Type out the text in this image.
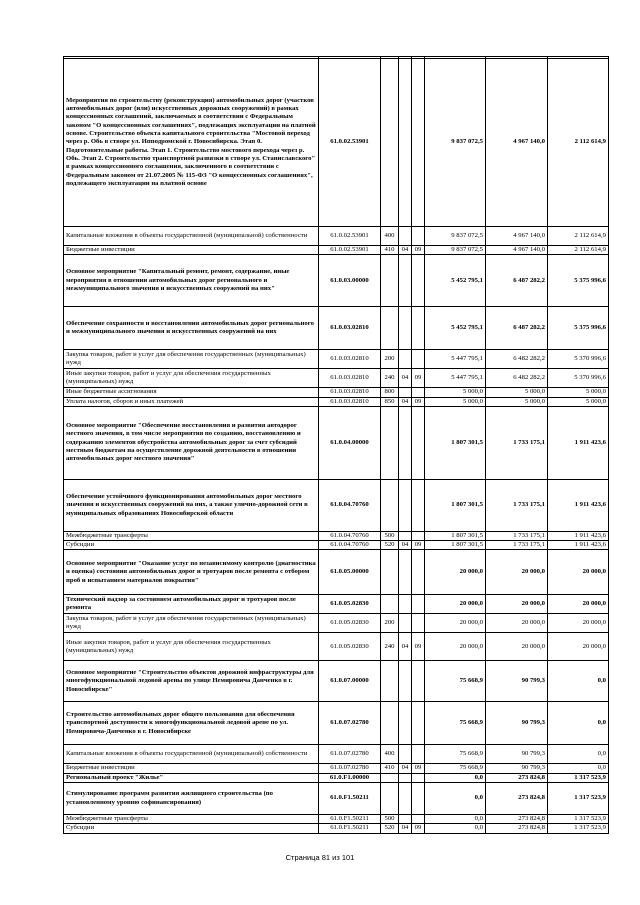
Мероприятия по строительству (реконструкция) автомобильных дорог (участков автомобильных дорог (или) искусственных дорожных сооружений) в рамках концессионных соглашений, заключаемых в соответствии с Федеральным законом "О концессионных соглашениях", подлежащих эксплуатации на платной основе. Строительство объекта капитального строительства "Мостовой переход через р. Обь в створе ул. Ипподромской г. Новосибирска. Этап 0. Подготовительные работы. Этап 1. Строительство мостового перехода через р. Обь. Этап 2. Строительство транспортной развязки в створе ул. Станиславского" в рамках концессионного соглашения, заключенного в соответствии с Федеральным законом от 21.07.2005 № 115-ФЗ "О концессионных соглашениях", подлежащего эксплуатации на платной основе	61.0.02.53901				9 837 072,5	4 967 140,0	2 112 614,9
Капитальные вложения в объекты государственной (муниципальной) собственности	61.0.02.53901	400			9 837 072,5	4 967 140,0	2 112 614,9
Бюджетные инвестиции	61.0.02.53901	410	04	09	9 837 072,5	4 967 140,0	2 112 614,9
Основное мероприятие "Капитальный ремонт, ремонт, содержание, иные мероприятия в отношении автомобильных дорог регионального и межмуниципального значения и искусственных сооружений на них"	61.0.03.00000				5 452 795,1	6 487 282,2	5 375 996,6
Обеспечение сохранности и восстановления автомобильных дорог регионального и межмуниципального значения и искусственных сооружений на них	61.0.03.02810				5 452 795,1	6 487 282,2	5 375 996,6
Закупка товаров, работ и услуг для обеспечения государственных (муниципальных) нужд	61.0.03.02810	200			5 447 795,1	6 482 282,2	5 370 996,6
Иные закупки товаров, работ и услуг для обеспечения государственных (муниципальных) нужд	61.0.03.02810	240	04	09	5 447 795,1	6 482 282,2	5 370 996,6
Иные бюджетные ассигнования	61.0.03.02810	800			5 000,0	5 000,0	5 000,0
Уплата налогов, сборов и иных платежей	61.0.03.02810	850	04	09	5 000,0	5 000,0	5 000,0
Основное мероприятие "Обеспечение восстановления и развития автодорог местного значения, в том числе мероприятия по созданию, восстановлению и содержанию элементов обустройства автомобильных дорог за счет субсидий местным бюджетам на осуществление дорожной деятельности в отношении автомобильных дорог местного значения"	61.0.04.00000				1 807 301,5	1 733 175,1	1 911 423,6
Обеспечение устойчивого функционирования автомобильных дорог местного значения и искусственных сооружений на них, а также улично-дорожной сети в муниципальных образованиях Новосибирской области	61.0.04.70760				1 807 301,5	1 733 175,1	1 911 423,6
Межбюджетные трансферты	61.0.04.70760	500			1 807 301,5	1 733 175,1	1 911 423,6
Субсидии	61.0.04.70760	520	04	09	1 807 301,5	1 733 175,1	1 911 423,6
Основное мероприятие "Оказание услуг по независимому контролю (диагностика и оценка) состояния автомобильных дорог и тротуаров после ремонта с отбором проб и испытанием материалов покрытия"	61.0.05.00000				20 000,0	20 000,0	20 000,0
Технический надзор за состоянием автомобильных дорог и тротуаров после ремонта	61.0.05.02830				20 000,0	20 000,0	20 000,0
Закупка товаров, работ и услуг для обеспечения государственных (муниципальных) нужд	61.0.05.02830	200			20 000,0	20 000,0	20 000,0
Иные закупки товаров, работ и услуг для обеспечения государственных (муниципальных) нужд	61.0.05.02830	240	04	09	20 000,0	20 000,0	20 000,0
Основное мероприятие "Строительство объектов дорожной инфраструктуры для многофункциональной ледовой арены по улице Немировича Данченко в г. Новосибирске"	61.0.07.00000				75 668,9	90 799,3	0,0
Строительство автомобильных дорог общего пользования для обеспечения транспортной доступности к многофункциональной ледовой арене по ул. Немировича-Данченко в г. Новосибирске	61.0.07.02780				75 668,9	90 799,3	0,0
Капитальные вложения в объекты государственной (муниципальной) собственности	61.0.07.02780	400			75 668,9	90 799,3	0,0
Бюджетные инвестиции	61.0.07.02780	410	04	09	75 668,9	90 799,3	0,0
Региональный проект "Жилье"	61.0.F1.00000				0,0	273 824,8	1 317 523,9
Стимулирование программ развития жилищного строительства (по установленному уровню софинансирования)	61.0.F1.50211				0,0	273 824,8	1 317 523,9
Межбюджетные трансферты	61.0.F1.50211	500			0,0	273 824,8	1 317 523,9
Субсидии	61.0.F1.50211	520	04	09	0,0	273 824,8	1 317 523,9
Страница 81 из 101
